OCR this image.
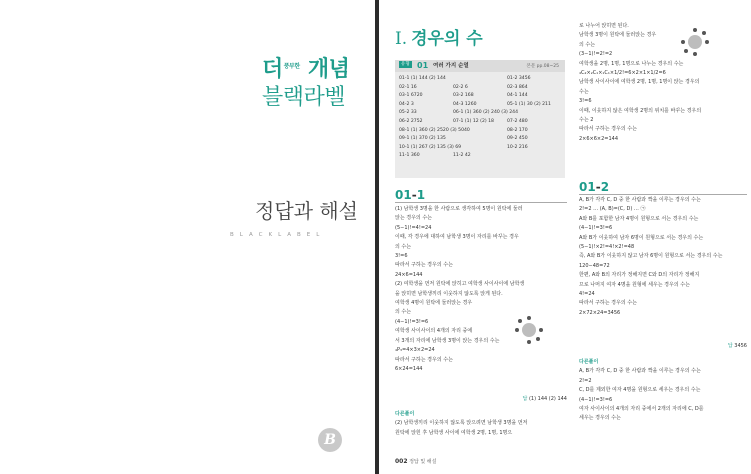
더$^{풍부한}$ 개념
블랙라벨
정답과 해설
BLACKLABEL
B
I. 경우의 수
유형 01 여러 가지 순열	본문 pp.08~25
01-1 (1) 144 (2) 144	01-2 3456
02-1 16	02-2 6	02-3 864
03-1 6720	03-2 168	04-1 144
04-2 3	04-3 1260	05-1 (1) 30 (2) 211
05-2 33	06-1 (1) 360 (2) 240 (3) 244
06-2 2752	07-1 (1) 12 (2) 18	07-2 480
08-1 (1) 360 (2) 2520 (3) 5040	08-2 170
09-1 (1) 370 (2) 135	09-2 450
10-1 (1) 267 (2) 135 (3) 69	10-2 216
11-1 360	11-2 42
01-1
(1) 남학생 3명을 한 사람으로 생각하여 5명이 원탁에 둘러
앉는 경우의 수는
(5−1)!=4!=24
이때, 각 경우에 대하여 남학생 3명이 자리를 바꾸는 경우
의 수는
3!=6
따라서 구하는 경우의 수는
24×6=144
(2) 여학생을 먼저 원탁에 앉히고 여학생 사이사이에 남학생
을 앉히면 남학생끼리 이웃하지 않도록 앉게 된다.
여학생 4명이 원탁에 둘러앉는 경우
의 수는
(4−1)!=3!=6
여학생 사이사이의 4개의 자리 중에
서 3개의 자리에 남학생 3명이 앉는 경우의 수는
₄P₃=4×3×2=24
따라서 구하는 경우의 수는
6×24=144
답 (1) 144 (2) 144
다른풀이
(2) 남학생끼리 이웃하지 않도록 앉으려면 남학생 3명을 먼저
원탁에 앉힌 후 남학생 사이에 여학생 2명, 1명, 1명으
로 나누어 앉히면 된다.
남학생 3명이 원탁에 둘러앉는 경우
의 수는
(3−1)!=2!=2
여학생을 2명, 1명, 1명으로 나누는 경우의 수는
₄C₂×₂C₁×₁C₁×1/2!=6×2×1×1/2=6
남학생 사이사이에 여학생 2명, 1명, 1명이 앉는 경우의
수는
3!=6
이때, 이웃하지 않은 여학생 2명의 위치를 바꾸는 경우의
수는 2
따라서 구하는 경우의 수는
2×6×6×2=144
01-2
A, B가 각각 C, D 중 한 사람과 짝을 이루는 경우의 수는
2!=2 … (A, B)=(C, D) … ㉠
A와 B를 포함한 남자 4명이 원형으로 서는 경우의 수는
(4−1)!=3!=6
A와 B가 이웃하여 남자 6명이 원형으로 서는 경우의 수는
(5−1)!×2!=4!×2!=48
즉, A와 B가 이웃하지 않고 남자 6명이 원형으로 서는 경우의 수는
120−48=72
한편, A와 B의 자리가 정해지면 C와 D의 자리가 정해지
므로 나머지 여자 4명을 원형에 세우는 경우의 수는
4!=24
따라서 구하는 경우의 수는
2×72×24=3456
답 3456
다른풀이
A, B가 각각 C, D 중 한 사람과 짝을 이루는 경우의 수는
2!=2
C, D를 제외한 여자 4명을 원형으로 세우는 경우의 수는
(4−1)!=3!=6
여자 사이사이의 4개의 자리 중에서 2개의 자리에 C, D를
세우는 경우의 수는
002 정답 및 해설
